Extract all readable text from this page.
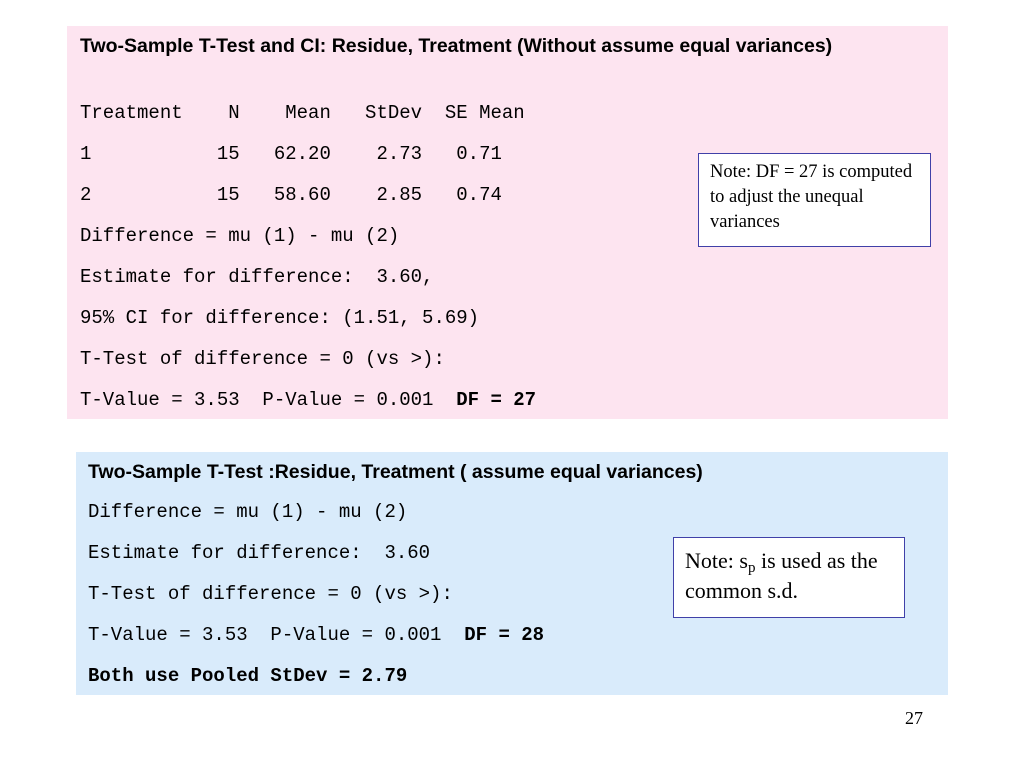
Two-Sample T-Test and CI: Residue, Treatment (Without assume equal variances)
Treatment    N    Mean   StDev  SE Mean
1           15   62.20    2.73   0.71
2           15   58.60    2.85   0.74
Difference = mu (1) - mu (2)
Estimate for difference:  3.60,
95% CI for difference: (1.51, 5.69)
T-Test of difference = 0 (vs >):
T-Value = 3.53  P-Value = 0.001  DF = 27
Note: DF = 27 is computed to adjust the unequal variances
Two-Sample T-Test :Residue, Treatment ( assume equal variances)
Difference = mu (1) - mu (2)
Estimate for difference:  3.60
T-Test of difference = 0 (vs >):
T-Value = 3.53  P-Value = 0.001  DF = 28
Both use Pooled StDev = 2.79
Note: $s_p$ is used as the common s.d.
27
